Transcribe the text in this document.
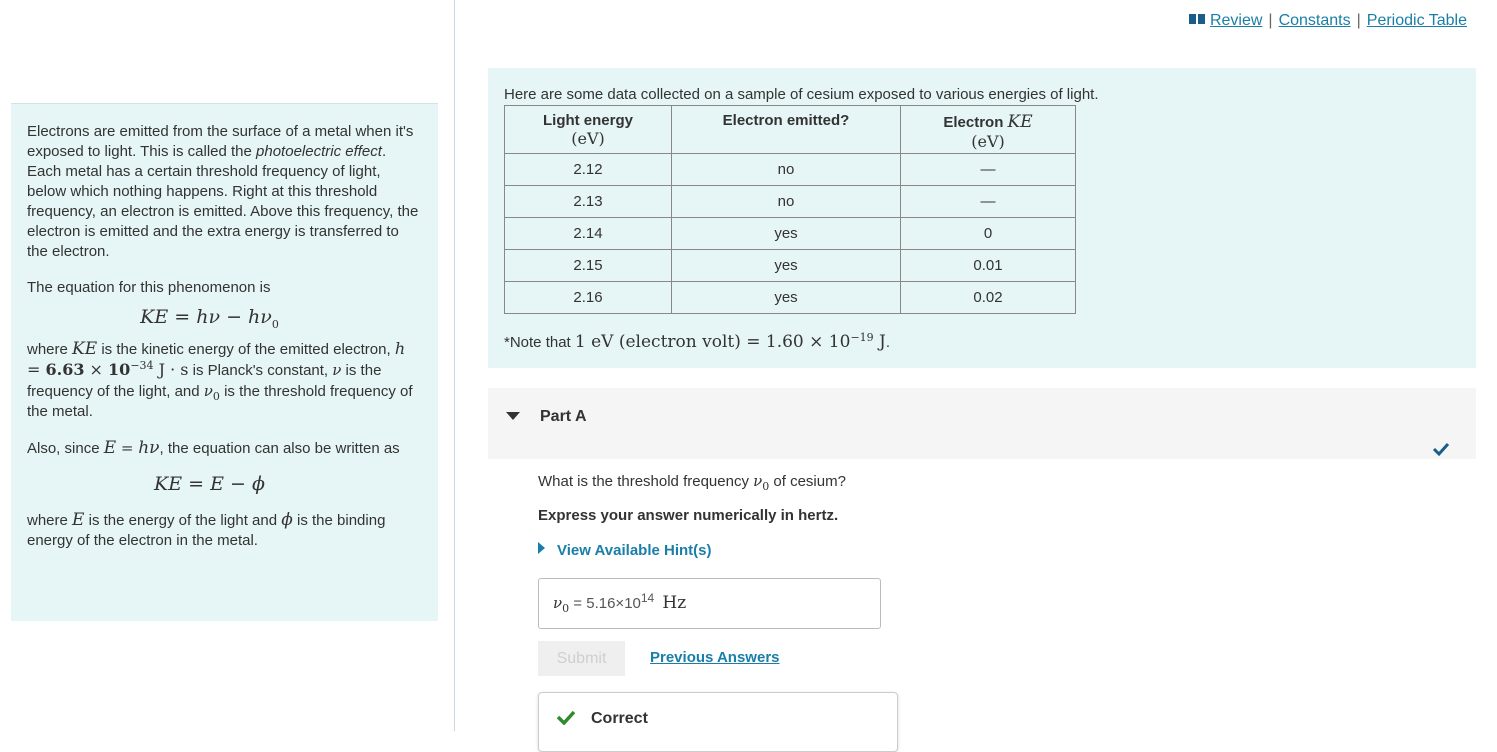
Review | Constants | Periodic Table

Electrons are emitted from the surface of a metal when it's exposed to light. This is called the photoelectric effect. Each metal has a certain threshold frequency of light, below which nothing happens. Right at this threshold frequency, an electron is emitted. Above this frequency, the electron is emitted and the extra energy is transferred to the electron.

The equation for this phenomenon is

KE = $h\nu - h\nu_0$

where KE is the kinetic energy of the emitted electron, $h = 6.63 \times 10^{-34}$ J · s is Planck's constant, ν is the frequency of the light, and $\nu_0$ is the threshold frequency of the metal.

Also, since E = hν, the equation can also be written as

KE = E − ϕ

where E is the energy of the light and ϕ is the binding energy of the electron in the metal.

Here are some data collected on a sample of cesium exposed to various energies of light.
Light energy
(eV)	Electron emitted?	Electron KE
(eV)
2.12	no	—
2.13	no	—
2.14	yes	0
2.15	yes	0.01
2.16	yes	0.02
*Note that 1 eV (electron volt) = $1.60 \times 10^{-19}$ J.
Part A
What is the threshold frequency $\nu_0$ of cesium?
Express your answer numerically in hertz.
View Available Hint(s)
$\nu_0 = 5.16\times 10^{14}$ Hz
Submit	Previous Answers
Correct
